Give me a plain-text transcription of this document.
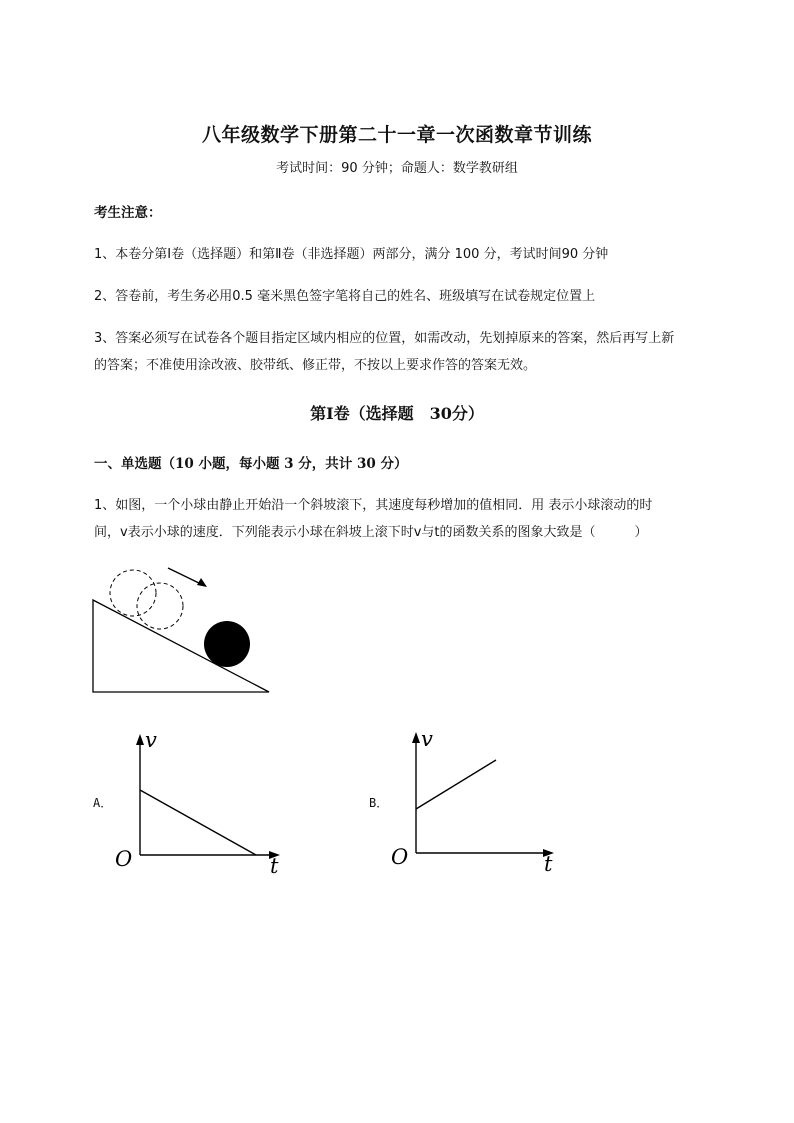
八年级数学下册第二十一章一次函数章节训练
考试时间：90 分钟；命题人：数学教研组
考生注意：
1、本卷分第Ⅰ卷（选择题）和第Ⅱ卷（非选择题）两部分，满分 100 分，考试时间90 分钟
2、答卷前，考生务必用0.5 毫米黑色签字笔将自己的姓名、班级填写在试卷规定位置上
3、答案必须写在试卷各个题目指定区域内相应的位置，如需改动，先划掉原来的答案，然后再写上新
的答案；不准使用涂改液、胶带纸、修正带，不按以上要求作答的答案无效。
第Ⅰ卷（选择题　30分）
一、单选题（10 小题，每小题 3 分，共计 30 分）
1、如图，一个小球由静止开始沿一个斜坡滚下，其速度每秒增加的值相同．用 表示小球滚动的时
间，v表示小球的速度．下列能表示小球在斜坡上滚下时v与t的函数关系的图象大致是（　　　）
A．
v
t
O
B．
v
t
O
